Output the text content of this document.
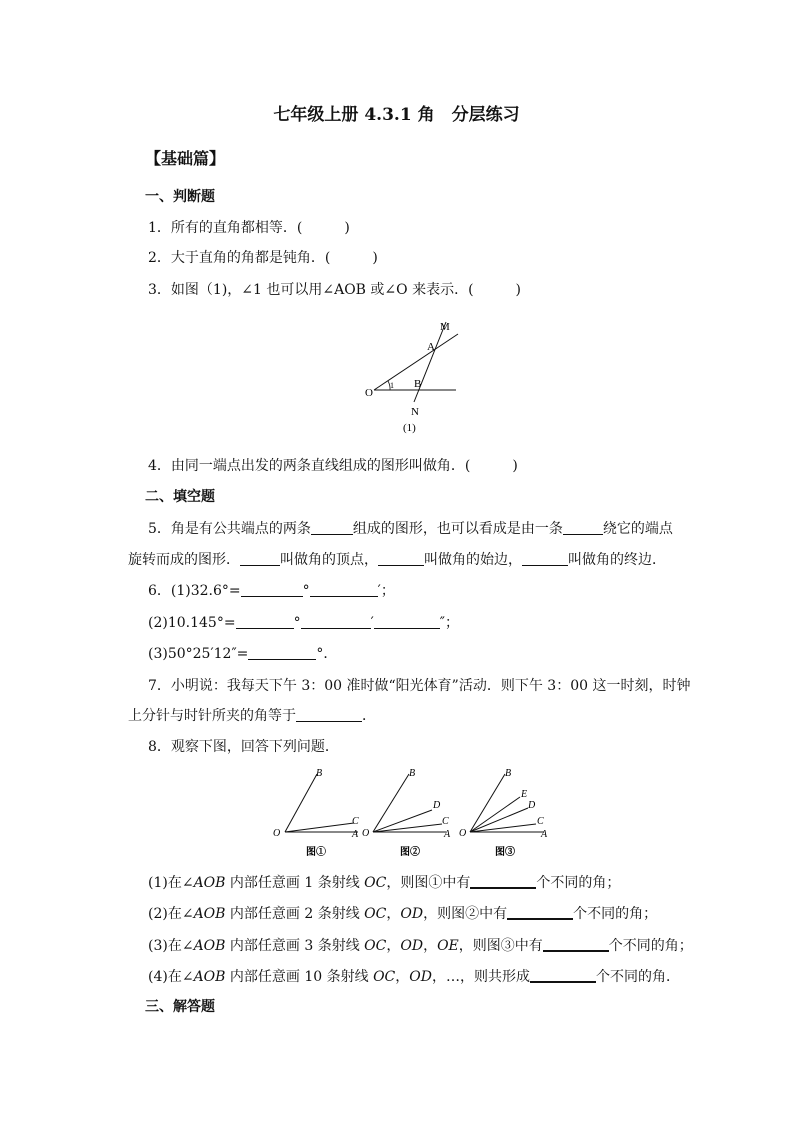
七年级上册 4.3.1 角　分层练习
【基础篇】
一、判断题
1．所有的直角都相等．(　　　)
2．大于直角的角都是钝角．(　　　)
3．如图（1)，∠1 也可以用∠AOB 或∠O 来表示．(　　　)
M
A
B
O
1
N
(1)
4．由同一端点出发的两条直线组成的图形叫做角．(　　　)
二、填空题
5．角是有公共端点的两条	组成的图形，也可以看成是由一条	绕它的端点
旋转而成的图形．	叫做角的顶点，	叫做角的始边，	叫做角的终边．
6．(1)32.6°=	°	′；
(2)10.145°=	°	′	″；
(3)50°25′12″=	°．
7．小明说：我每天下午 3：00 准时做“阳光体育”活动．则下午 3：00 这一时刻，时钟
上分针与时针所夹的角等于	．
8．观察下图，回答下列问题．
B
C
A
O
图①
B
D
C
A
O
图②
B
E
D
C
A
O
图③
(1)在∠AOB 内部任意画 1 条射线 OC，则图①中有	个不同的角；
(2)在∠AOB 内部任意画 2 条射线 OC，OD，则图②中有	个不同的角；
(3)在∠AOB 内部任意画 3 条射线 OC，OD，OE，则图③中有	个不同的角；
(4)在∠AOB 内部任意画 10 条射线 OC，OD，…，则共形成	个不同的角．
三、解答题
